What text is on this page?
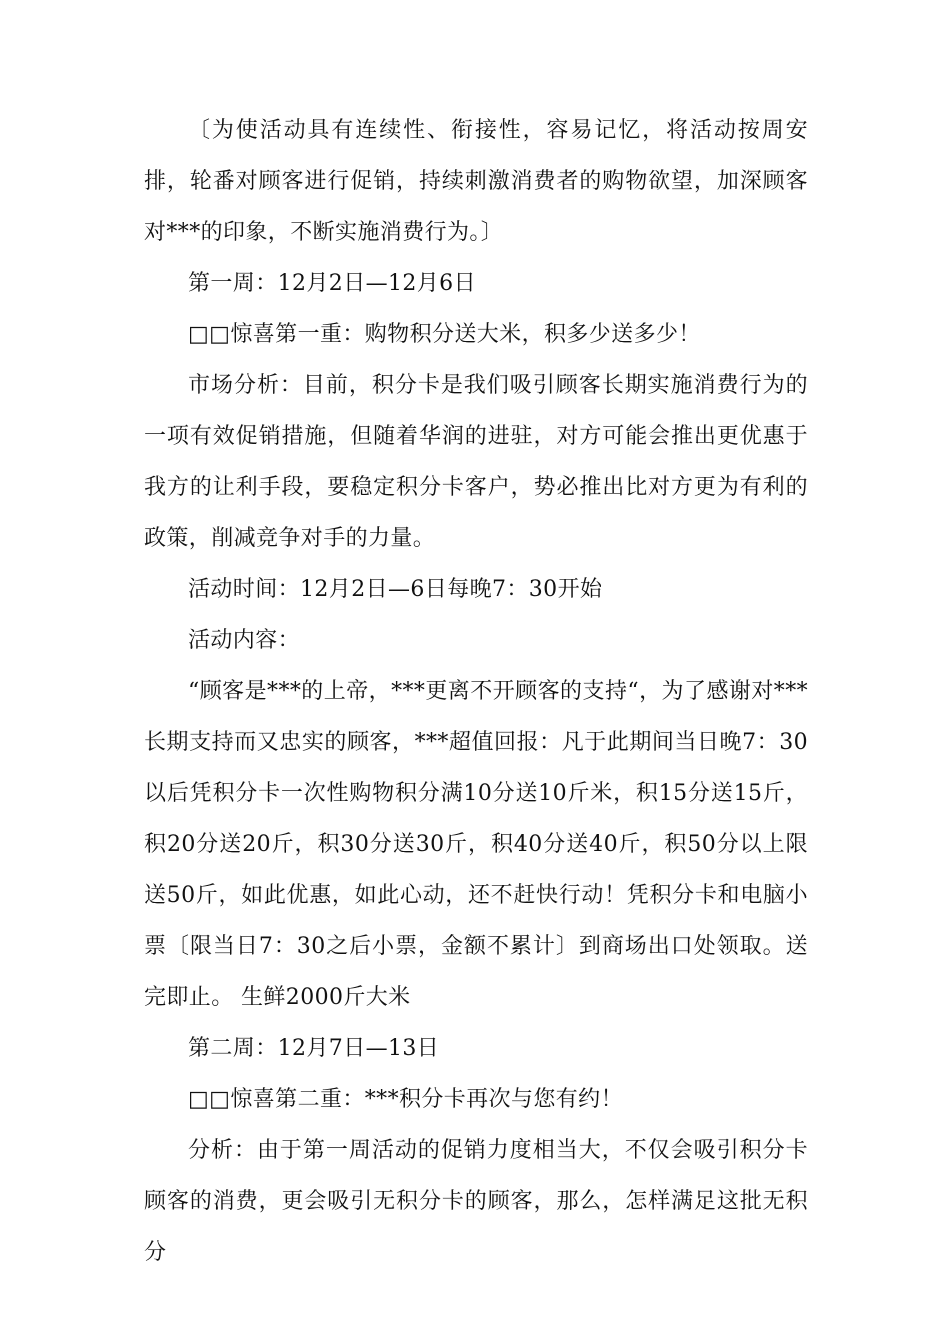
〔为使活动具有连续性、衔接性，容易记忆，将活动按周安排，轮番对顾客进行促销，持续刺激消费者的购物欲望，加深顾客对***的印象，不断实施消费行为。〕

第一周：12月2日—12月6日

□□惊喜第一重：购物积分送大米，积多少送多少！

市场分析：目前，积分卡是我们吸引顾客长期实施消费行为的一项有效促销措施，但随着华润的进驻，对方可能会推出更优惠于我方的让利手段，要稳定积分卡客户，势必推出比对方更为有利的政策，削减竞争对手的力量。

活动时间：12月2日—6日每晚7：30开始

活动内容：

“顾客是***的上帝，***更离不开顾客的支持“，为了感谢对***长期支持而又忠实的顾客，***超值回报：凡于此期间当日晚7：30以后凭积分卡一次性购物积分满10分送10斤米，积15分送15斤，积20分送20斤，积30分送30斤，积40分送40斤，积50分以上限送50斤，如此优惠，如此心动，还不赶快行动！凭积分卡和电脑小票〔限当日7：30之后小票，金额不累计〕到商场出口处领取。送完即止。 生鲜2000斤大米

第二周：12月7日—13日

□□惊喜第二重：***积分卡再次与您有约！

分析：由于第一周活动的促销力度相当大，不仅会吸引积分卡顾客的消费，更会吸引无积分卡的顾客，那么，怎样满足这批无积分
